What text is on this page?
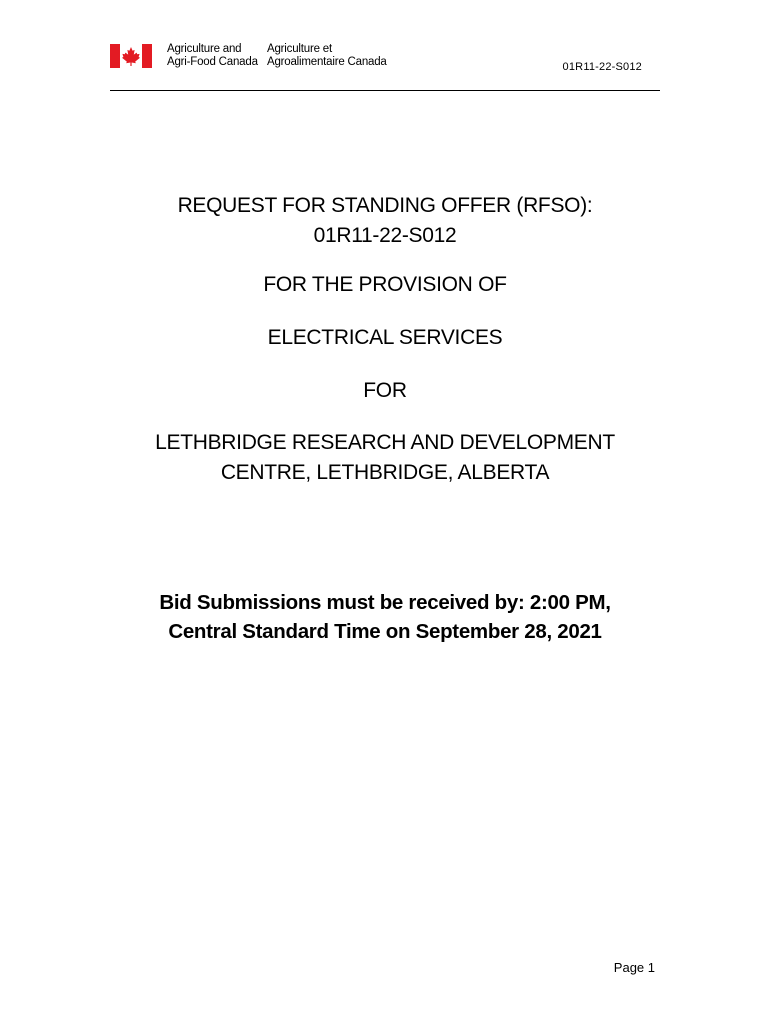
Agriculture and
Agri-Food Canada
Agriculture et
Agroalimentaire Canada	01R11-22-S012
REQUEST FOR STANDING OFFER (RFSO):
01R11-22-S012
FOR THE PROVISION OF
ELECTRICAL SERVICES
FOR
LETHBRIDGE RESEARCH AND DEVELOPMENT
CENTRE, LETHBRIDGE, ALBERTA
Bid Submissions must be received by: 2:00 PM,
Central Standard Time on September 28, 2021
Page 1
